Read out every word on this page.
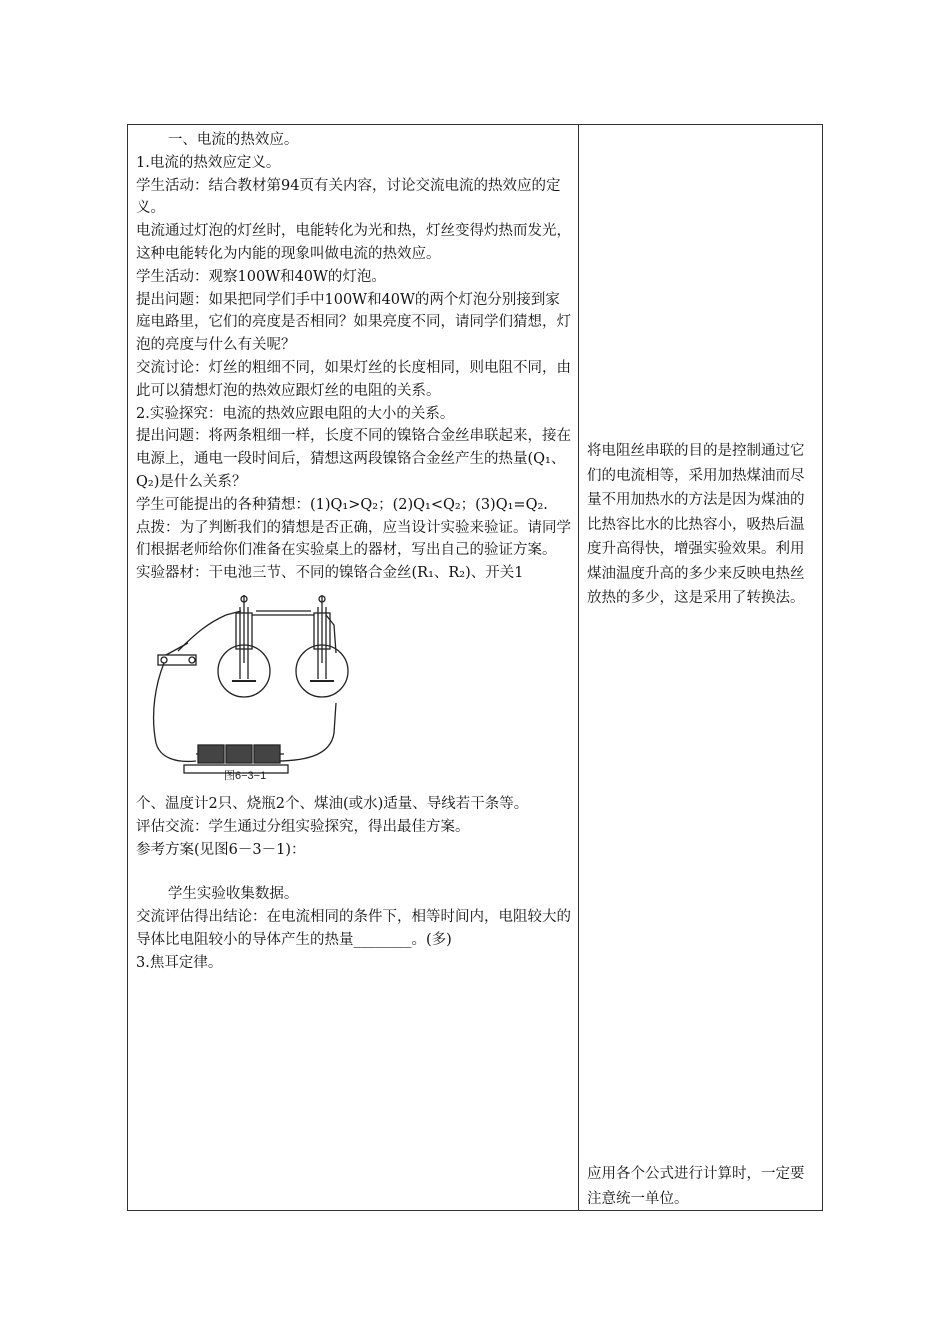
一、电流的热效应。

1.电流的热效应定义。

学生活动：结合教材第94页有关内容，讨论交流电流的热效应的定义。

电流通过灯泡的灯丝时，电能转化为光和热，灯丝变得灼热而发光，这种电能转化为内能的现象叫做电流的热效应。

学生活动：观察100W和40W的灯泡。

提出问题：如果把同学们手中100W和40W的两个灯泡分别接到家庭电路里，它们的亮度是否相同？如果亮度不同，请同学们猜想，灯泡的亮度与什么有关呢？

交流讨论：灯丝的粗细不同，如果灯丝的长度相同，则电阻不同，由此可以猜想灯泡的热效应跟灯丝的电阻的关系。

2.实验探究：电流的热效应跟电阻的大小的关系。

提出问题：将两条粗细一样，长度不同的镍铬合金丝串联起来，接在电源上，通电一段时间后，猜想这两段镍铬合金丝产生的热量(Q₁、Q₂)是什么关系？

学生可能提出的各种猜想：(1)Q₁>Q₂；(2)Q₁<Q₂；(3)Q₁=Q₂.

点拨：为了判断我们的猜想是否正确，应当设计实验来验证。请同学们根据老师给你们准备在实验桌上的器材，写出自己的验证方案。

实验器材：干电池三节、不同的镍铬合金丝(R₁、R₂)、开关1

图6−3−1

个、温度计2只、烧瓶2个、煤油(或水)适量、导线若干条等。

评估交流：学生通过分组实验探究，得出最佳方案。

参考方案(见图6－3－1)：

学生实验收集数据。

交流评估得出结论：在电流相同的条件下，相等时间内，电阻较大的导体比电阻较小的导体产生的热量________。(多)

3.焦耳定律。

将电阻丝串联的目的是控制通过它们的电流相等，采用加热煤油而尽量不用加热水的方法是因为煤油的比热容比水的比热容小，吸热后温度升高得快，增强实验效果。利用煤油温度升高的多少来反映电热丝放热的多少，这是采用了转换法。

应用各个公式进行计算时，一定要注意统一单位。
